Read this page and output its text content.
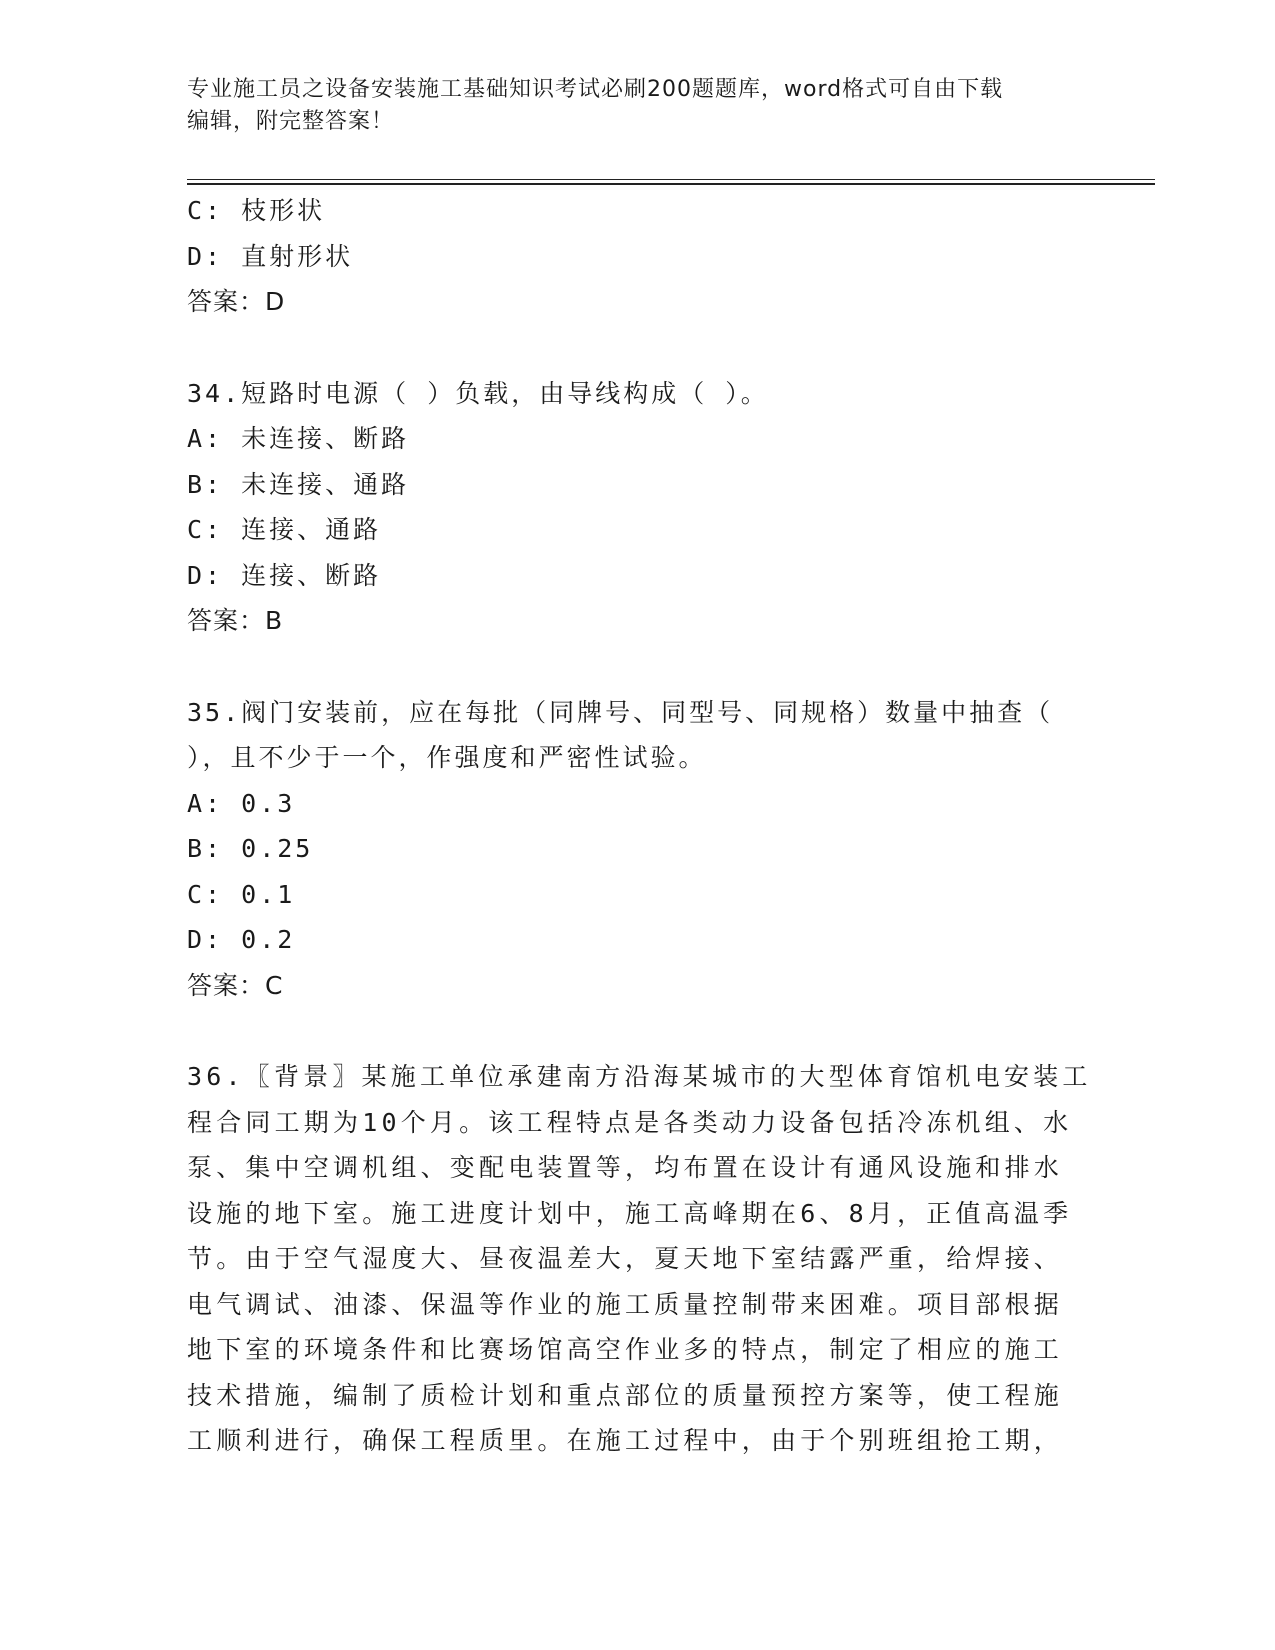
专业施工员之设备安装施工基础知识考试必刷200题题库，word格式可自由下载
编辑，附完整答案！

C: 枝形状

D: 直射形状

答案：D

34.短路时电源（ ）负载，由导线构成（ ）。

A: 未连接、断路

B: 未连接、通路

C: 连接、通路

D: 连接、断路

答案：B

35.阀门安装前，应在每批（同牌号、同型号、同规格）数量中抽查（

），且不少于一个，作强度和严密性试验。

A: 0.3

B: 0.25

C: 0.1

D: 0.2

答案：C

36.〖背景〗某施工单位承建南方沿海某城市的大型体育馆机电安装工

程合同工期为10个月。该工程特点是各类动力设备包括冷冻机组、水

泵、集中空调机组、变配电装置等，均布置在设计有通风设施和排水

设施的地下室。施工进度计划中，施工高峰期在6、8月，正值高温季

节。由于空气湿度大、昼夜温差大，夏天地下室结露严重，给焊接、

电气调试、油漆、保温等作业的施工质量控制带来困难。项目部根据

地下室的环境条件和比赛场馆高空作业多的特点，制定了相应的施工

技术措施，编制了质检计划和重点部位的质量预控方案等，使工程施

工顺利进行，确保工程质里。在施工过程中，由于个别班组抢工期，
